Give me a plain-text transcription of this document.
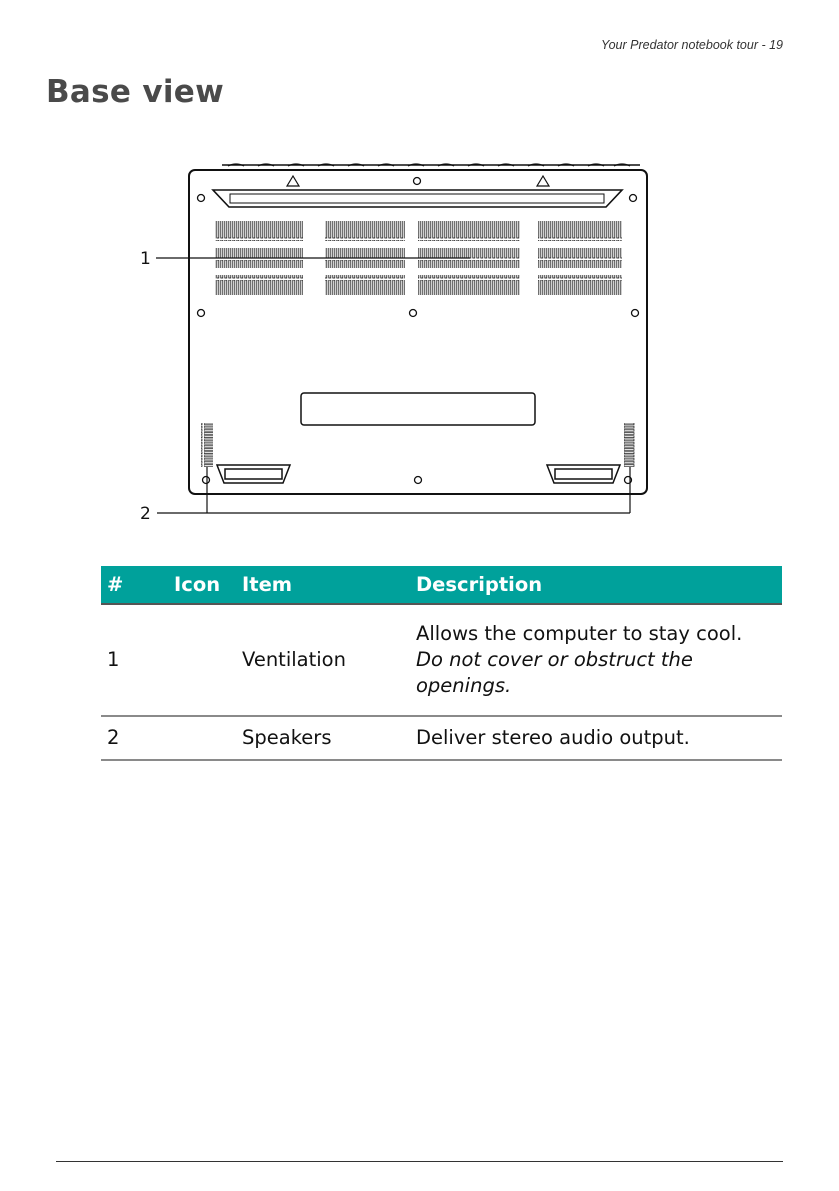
Your Predator notebook tour - 19
Base view
1
2
#	Icon	Item	Description
1		Ventilation	Allows the computer to stay cool.
Do not cover or obstruct the openings.

2		Speakers	Deliver stereo audio output.
